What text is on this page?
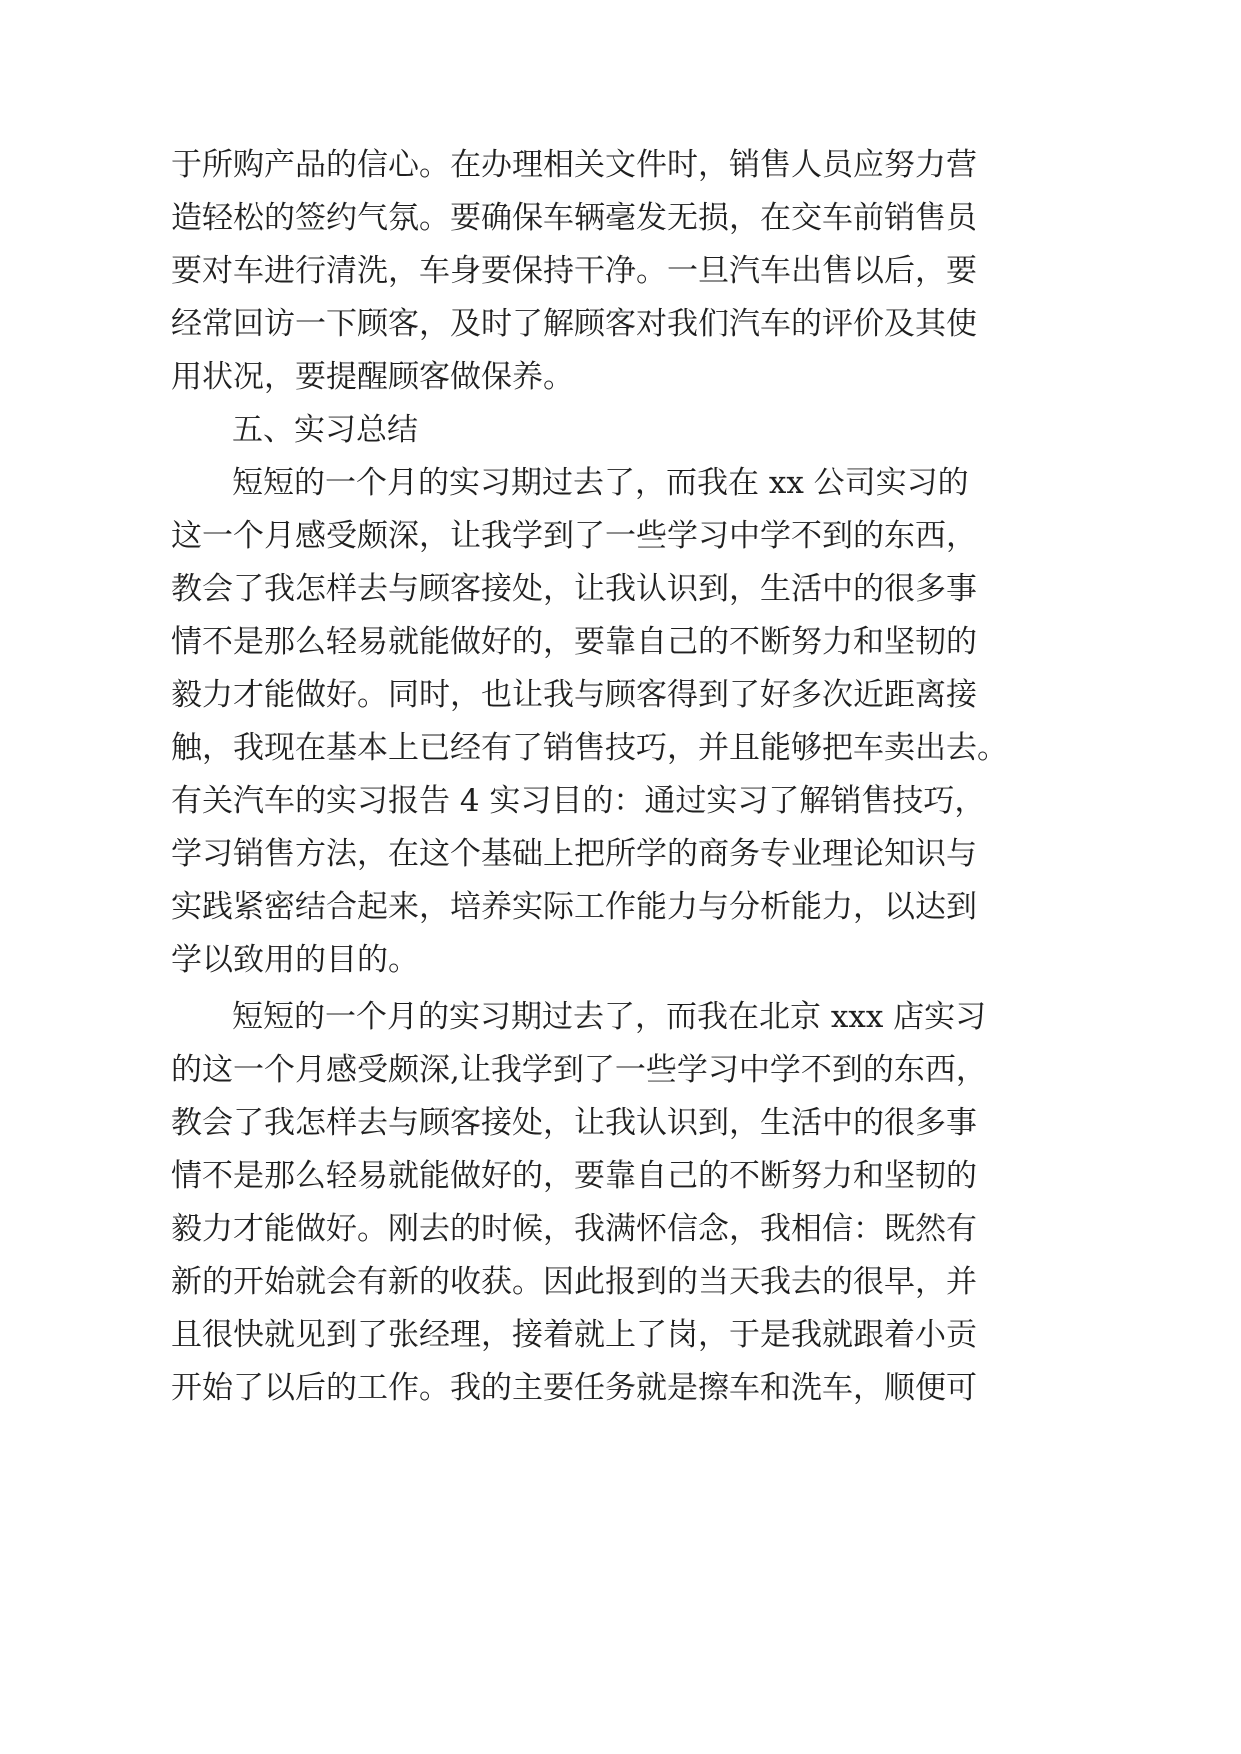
于所购产品的信心。在办理相关文件时，销售人员应努力营
造轻松的签约气氛。要确保车辆毫发无损，在交车前销售员
要对车进行清洗，车身要保持干净。一旦汽车出售以后，要
经常回访一下顾客，及时了解顾客对我们汽车的评价及其使
用状况，要提醒顾客做保养。
五、实习总结
短短的一个月的实习期过去了，而我在 xx 公司实习的
这一个月感受颇深，让我学到了一些学习中学不到的东西，
教会了我怎样去与顾客接处，让我认识到，生活中的很多事
情不是那么轻易就能做好的，要靠自己的不断努力和坚韧的
毅力才能做好。同时，也让我与顾客得到了好多次近距离接
触，我现在基本上已经有了销售技巧，并且能够把车卖出去。
有关汽车的实习报告 4 实习目的：通过实习了解销售技巧，
学习销售方法，在这个基础上把所学的商务专业理论知识与
实践紧密结合起来，培养实际工作能力与分析能力，以达到
学以致用的目的。
短短的一个月的实习期过去了，而我在北京 xxx 店实习
的这一个月感受颇深,让我学到了一些学习中学不到的东西，
教会了我怎样去与顾客接处，让我认识到，生活中的很多事
情不是那么轻易就能做好的，要靠自己的不断努力和坚韧的
毅力才能做好。刚去的时候，我满怀信念，我相信：既然有
新的开始就会有新的收获。因此报到的当天我去的很早，并
且很快就见到了张经理，接着就上了岗，于是我就跟着小贡
开始了以后的工作。我的主要任务就是擦车和洗车，顺便可
